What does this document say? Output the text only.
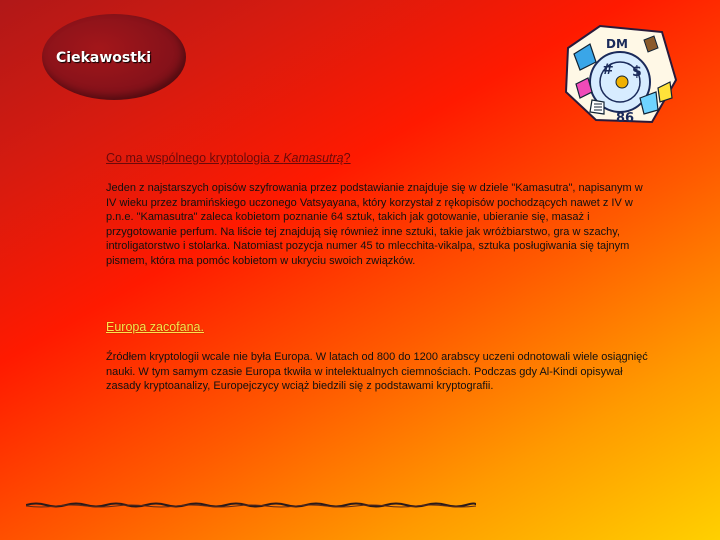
Ciekawostki
DM
# $
86
Co ma wspólnego kryptologia z Kamasutrą?
Jeden z najstarszych opisów szyfrowania przez podstawianie znajduje się w dziele "Kamasutra", napisanym w IV wieku przez bramińskiego uczonego Vatsyayana, który korzystał z rękopisów pochodzących nawet z IV w p.n.e. "Kamasutra" zaleca kobietom poznanie 64 sztuk, takich jak gotowanie, ubieranie się, masaż i przygotowanie perfum. Na liście tej znajdują się również inne sztuki, takie jak wróżbiarstwo, gra w szachy, introligatorstwo i stolarka. Natomiast pozycja numer 45 to mlecchita-vikalpa, sztuka posługiwania się tajnym pismem, która ma pomóc kobietom w ukryciu swoich związków.
Europa zacofana.
Źródłem kryptologii wcale nie była Europa. W latach od 800 do 1200 arabscy uczeni odnotowali wiele osiągnięć nauki. W tym samym czasie Europa tkwiła w intelektualnych ciemnościach. Podczas gdy Al-Kindi opisywał zasady kryptoanalizy, Europejczycy wciąż biedzili się z podstawami kryptografii.
